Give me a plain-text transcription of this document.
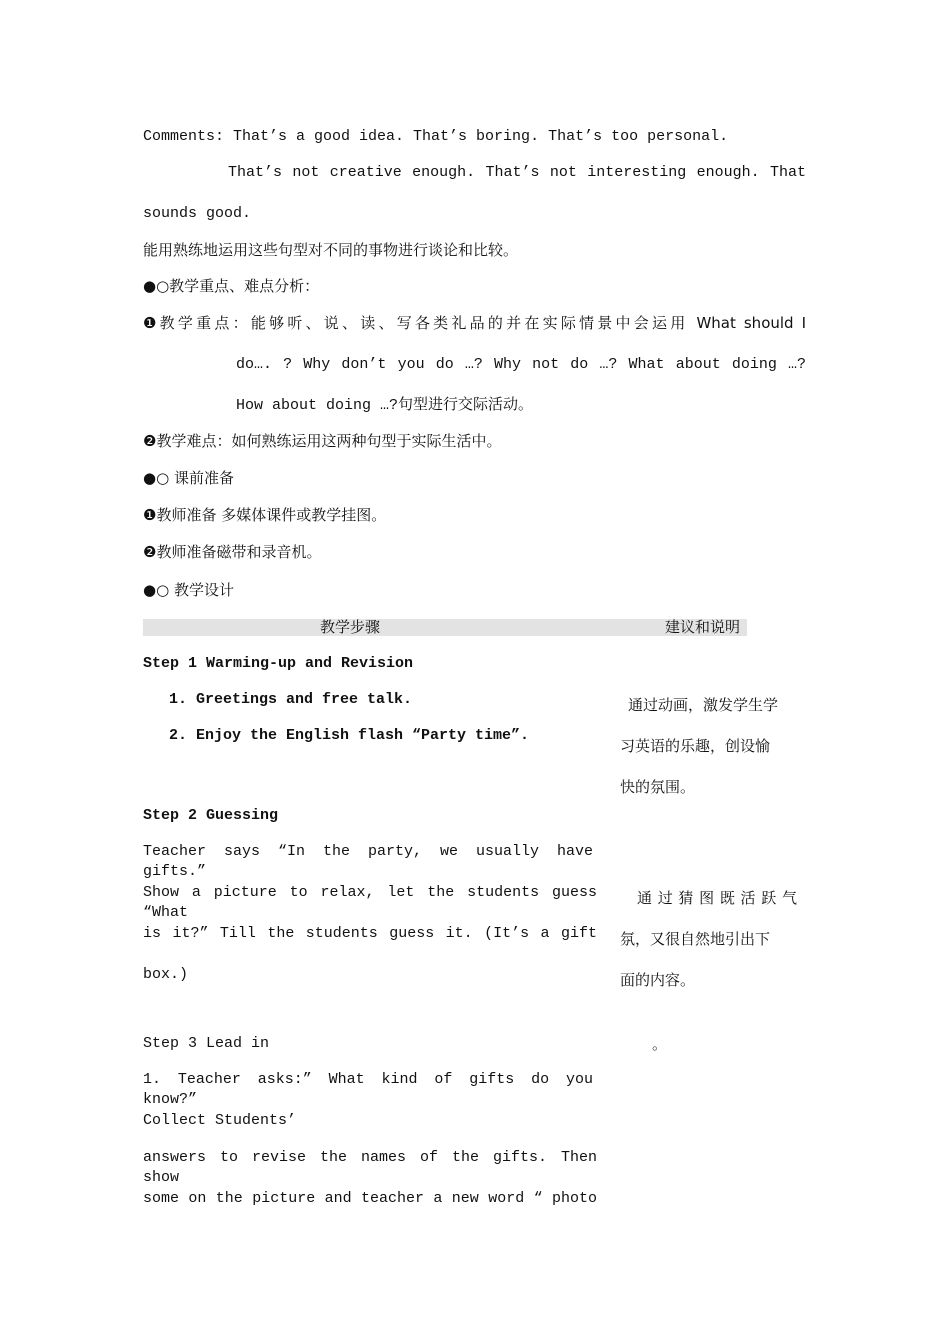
Comments: That’s a good idea. That’s boring. That’s too personal.
That’s not creative enough. That’s not interesting enough. That
sounds good.
能用熟练地运用这些句型对不同的事物进行谈论和比较。
●○教学重点、难点分析：
❶教学重点：能够听、说、读、写各类礼品的并在实际情景中会运用 What should I
do…. ? Why don’t you do …? Why not do …? What about doing …?
How about doing …?句型进行交际活动。
❷教学难点：如何熟练运用这两种句型于实际生活中。
●○ 课前准备
❶教师准备 多媒体课件或教学挂图。
❷教师准备磁带和录音机。
●○ 教学设计
教学步骤	建议和说明
Step 1 Warming-up and Revision
1. Greetings and free talk.
2. Enjoy the English flash “Party time”.
通过动画，激发学生学
习英语的乐趣，创设愉
快的氛围。
Step 2 Guessing
Teacher says “In the party, we usually have gifts.”
Show a picture to relax, let the students guess “What
is it?” Till the students guess it. (It’s a gift
box.)
通过猜图既活跃气
氛，又很自然地引出下
面的内容。
Step 3 Lead in	。
1. Teacher asks:” What kind of gifts do you know?”
Collect Students’
answers to revise the names of the gifts. Then show
some on the picture and teacher a new word “ photo
